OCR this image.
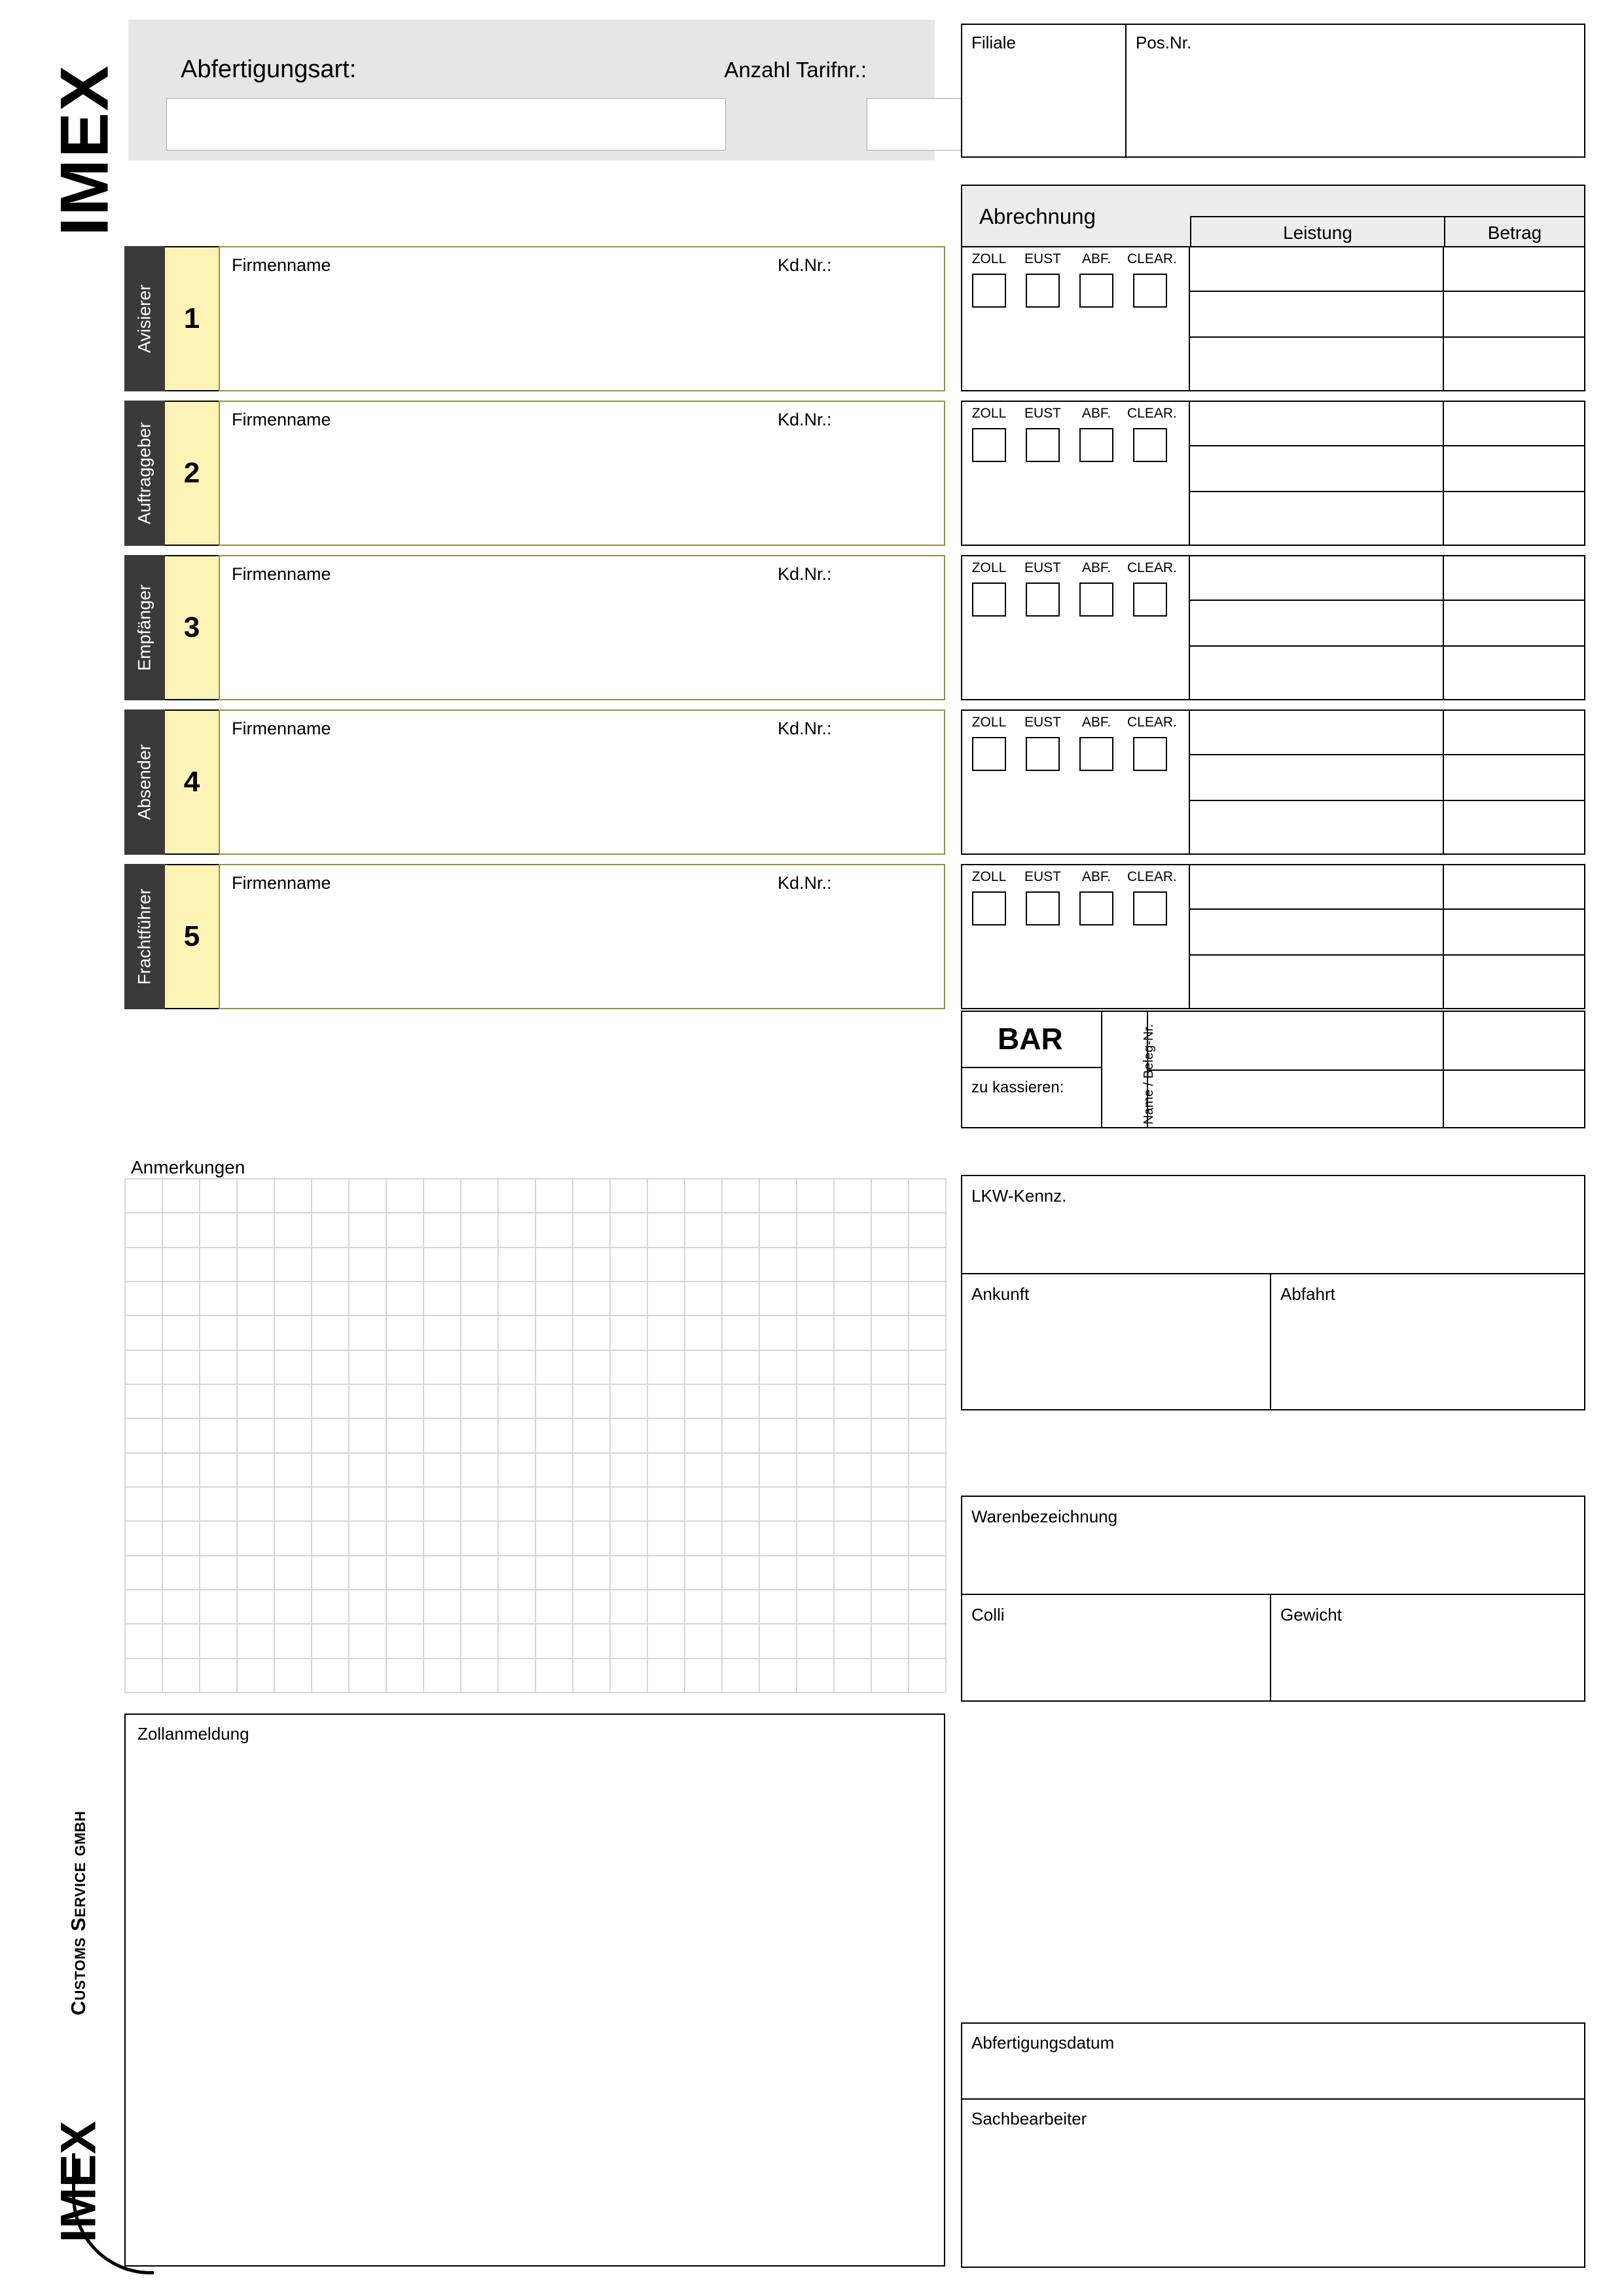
IMEX Abfertigungsart:	Anzahl Tarifnr.:
Filiale	Pos.Nr.
Abrechnung
Leistung	Betrag
Avisierer 1
Firmenname	Kd.Nr.:	ZOLL	EUST	ABF.	CLEAR.
Auftraggeber 2
Firmenname	Kd.Nr.:	ZOLL	EUST	ABF.	CLEAR.
Empfänger 3
Firmenname	Kd.Nr.:	ZOLL	EUST	ABF.	CLEAR.
Absender 4
Firmenname	Kd.Nr.:	ZOLL	EUST	ABF.	CLEAR.
Frachtführer 5
Firmenname	Kd.Nr.:	ZOLL	EUST	ABF.	CLEAR.
BAR
zu kassieren:	Name / Beleg-Nr.
Anmerkungen
LKW-Kennz.
Ankunft	Abfahrt
Warenbezeichnung
Colli	Gewicht
Zollanmeldung
Abfertigungsdatum
Sachbearbeiter
IMEX
CUSTOMS SERVICE GMBH
